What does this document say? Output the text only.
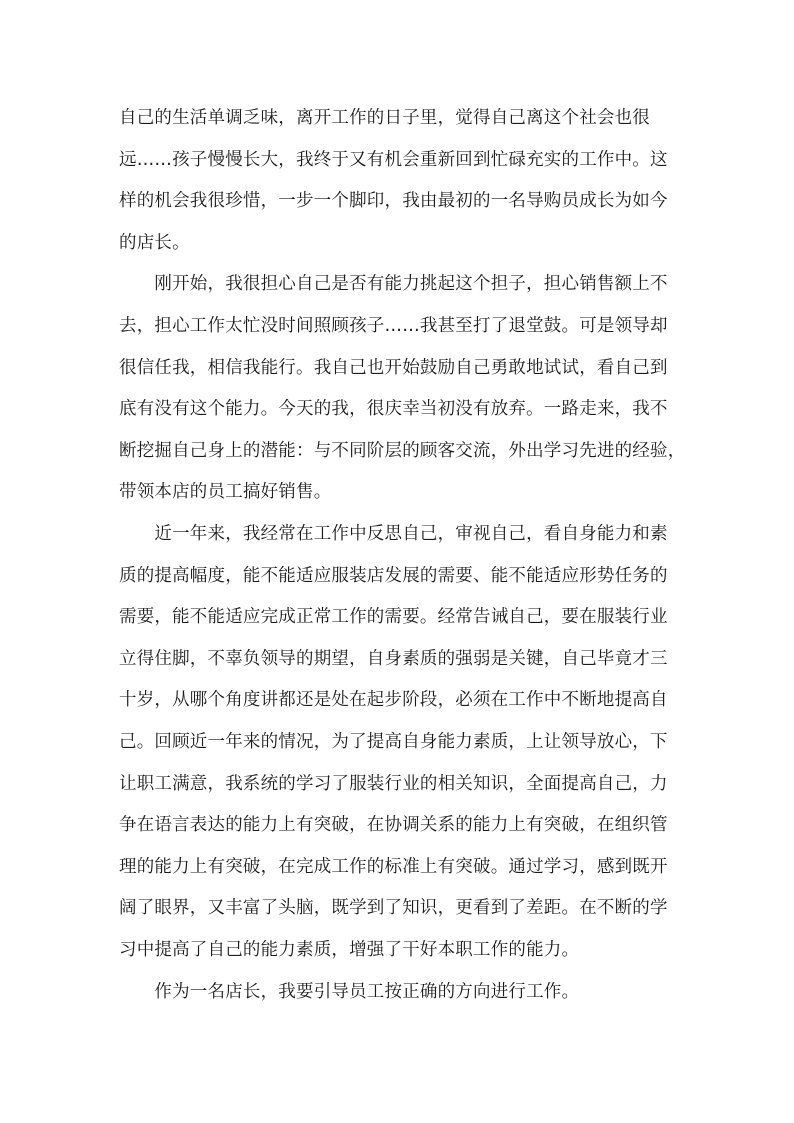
自己的生活单调乏味，离开工作的日子里，觉得自己离这个社会也很
远……孩子慢慢长大，我终于又有机会重新回到忙碌充实的工作中。这
样的机会我很珍惜，一步一个脚印，我由最初的一名导购员成长为如今
的店长。
　　刚开始，我很担心自己是否有能力挑起这个担子，担心销售额上不
去，担心工作太忙没时间照顾孩子……我甚至打了退堂鼓。可是领导却
很信任我，相信我能行。我自己也开始鼓励自己勇敢地试试，看自己到
底有没有这个能力。今天的我，很庆幸当初没有放弃。一路走来，我不
断挖掘自己身上的潜能：与不同阶层的顾客交流，外出学习先进的经验，
带领本店的员工搞好销售。
　　近一年来，我经常在工作中反思自己，审视自己，看自身能力和素
质的提高幅度，能不能适应服装店发展的需要、能不能适应形势任务的
需要，能不能适应完成正常工作的需要。经常告诫自己，要在服装行业
立得住脚，不辜负领导的期望，自身素质的强弱是关键，自己毕竟才三
十岁，从哪个角度讲都还是处在起步阶段，必须在工作中不断地提高自
己。回顾近一年来的情况，为了提高自身能力素质，上让领导放心，下
让职工满意，我系统的学习了服装行业的相关知识，全面提高自己，力
争在语言表达的能力上有突破，在协调关系的能力上有突破，在组织管
理的能力上有突破，在完成工作的标准上有突破。通过学习，感到既开
阔了眼界，又丰富了头脑，既学到了知识，更看到了差距。在不断的学
习中提高了自己的能力素质，增强了干好本职工作的能力。
　　作为一名店长，我要引导员工按正确的方向进行工作。
